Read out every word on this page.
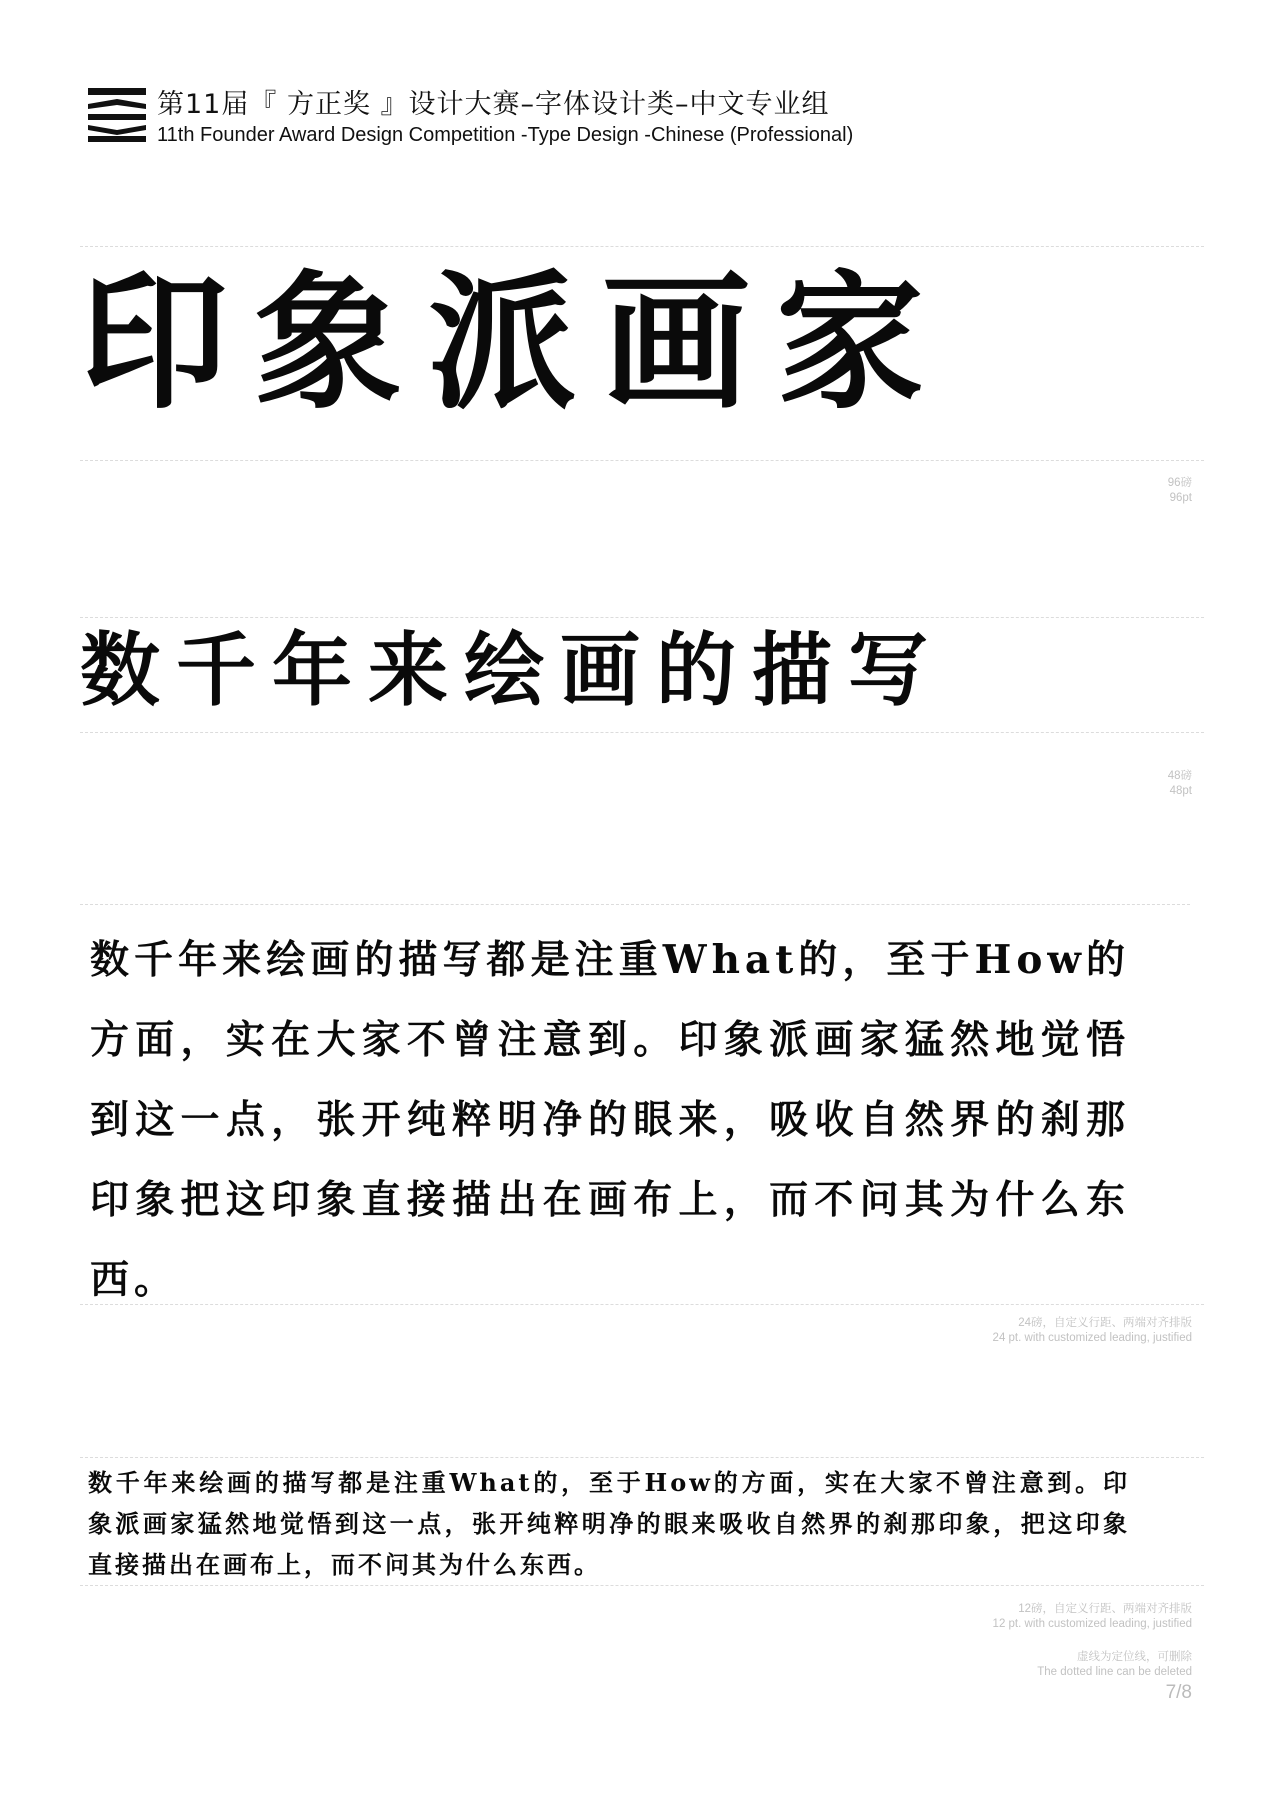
第11届『 方正奖 』设计大赛–字体设计类–中文专业组

11th Founder Award Design Competition -Type Design -Chinese (Professional)

印象派画家

96磅
96pt

数千年来绘画的描写

48磅
48pt

数千年来绘画的描写都是注重What的，至于How的方面，实在大家不曾注意到。印象派画家猛然地觉悟到这一点，张开纯粹明净的眼来，吸收自然界的刹那印象把这印象直接描出在画布上，而不问其为什么东西。

24磅，自定义行距、两端对齐排版
24 pt. with customized leading, justified

数千年来绘画的描写都是注重What的，至于How的方面，实在大家不曾注意到。印象派画家猛然地觉悟到这一点，张开纯粹明净的眼来吸收自然界的刹那印象，把这印象直接描出在画布上，而不问其为什么东西。

12磅，自定义行距、两端对齐排版
12 pt. with customized leading, justified

虚线为定位线，可删除
The dotted line can be deleted

7/8
